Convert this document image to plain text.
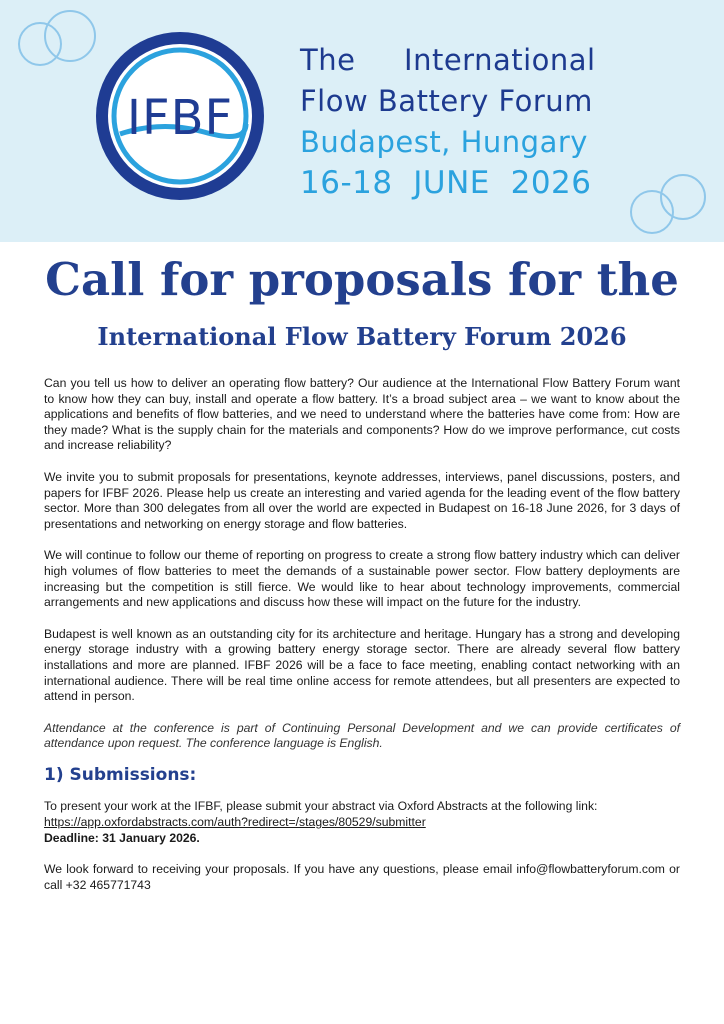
IFBF
The     International
Flow Battery Forum
Budapest, Hungary
16-18  JUNE  2026
Call for proposals for the
International Flow Battery Forum 2026

Can you tell us how to deliver an operating flow battery? Our audience at the International Flow Battery Forum want to know how they can buy, install and operate a flow battery. It’s a broad subject area – we want to know about the applications and benefits of flow batteries, and we need to understand where the batteries have come from: How are they made? What is the supply chain for the materials and components? How do we improve performance, cut costs and increase reliability?

We invite you to submit proposals for presentations, keynote addresses, interviews, panel discussions, posters, and papers for IFBF 2026. Please help us create an interesting and varied agenda for the leading event of the flow battery sector. More than 300 delegates from all over the world are expected in Budapest on 16-18 June 2026, for 3 days of presentations and networking on energy storage and flow batteries.

We will continue to follow our theme of reporting on progress to create a strong flow battery industry which can deliver high volumes of flow batteries to meet the demands of a sustainable power sector. Flow battery deployments are increasing but the competition is still fierce. We would like to hear about technology improvements, commercial arrangements and new applications and discuss how these will impact on the future for the industry.

Budapest is well known as an outstanding city for its architecture and heritage. Hungary has a strong and developing energy storage industry with a growing battery energy storage sector. There are already several flow battery installations and more are planned. IFBF 2026 will be a face to face meeting, enabling contact networking with an international audience. There will be real time online access for remote attendees, but all presenters are expected to attend in person.

Attendance at the conference is part of Continuing Personal Development and we can provide certificates of attendance upon request. The conference language is English.

1) Submissions:

To present your work at the IFBF, please submit your abstract via Oxford Abstracts at the following link:
https://app.oxfordabstracts.com/auth?redirect=/stages/80529/submitter
Deadline: 31 January 2026.

We look forward to receiving your proposals. If you have any questions, please email info@flowbatteryforum.com or call +32 465771743
